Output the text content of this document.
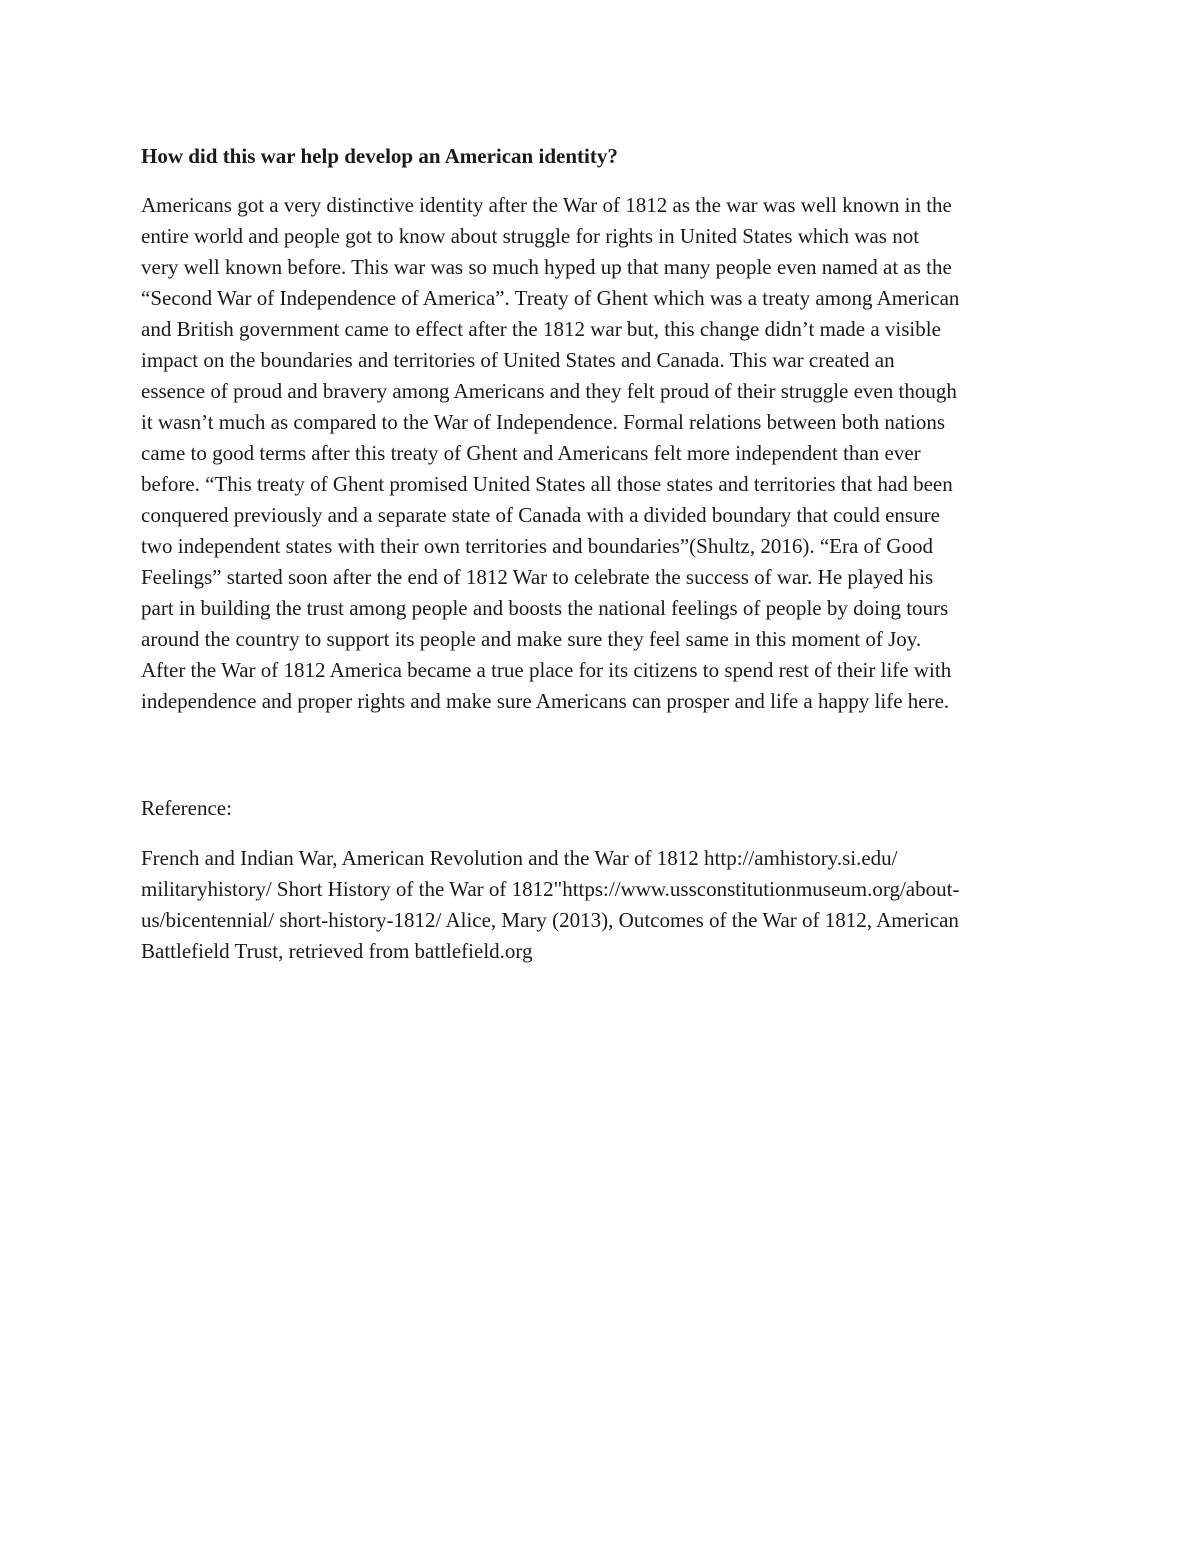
How did this war help develop an American identity?

Americans got a very distinctive identity after the War of 1812 as the war was well known in the

entire world and people got to know about struggle for rights in United States which was not

very well known before. This war was so much hyped up that many people even named at as the

“Second War of Independence of America”. Treaty of Ghent which was a treaty among American

and British government came to effect after the 1812 war but, this change didn’t made a visible

impact on the boundaries and territories of United States and Canada. This war created an

essence of proud and bravery among Americans and they felt proud of their struggle even though

it wasn’t much as compared to the War of Independence. Formal relations between both nations

came to good terms after this treaty of Ghent and Americans felt more independent than ever

before. “This treaty of Ghent promised United States all those states and territories that had been

conquered previously and a separate state of Canada with a divided boundary that could ensure

two independent states with their own territories and boundaries”(Shultz, 2016). “Era of Good

Feelings” started soon after the end of 1812 War to celebrate the success of war. He played his

part in building the trust among people and boosts the national feelings of people by doing tours

around the country to support its people and make sure they feel same in this moment of Joy.

After the War of 1812 America became a true place for its citizens to spend rest of their life with

independence and proper rights and make sure Americans can prosper and life a happy life here.

Reference:

French and Indian War, American Revolution and the War of 1812 http://amhistory.si.edu/

militaryhistory/ Short History of the War of 1812"https://www.ussconstitutionmuseum.org/about-

us/bicentennial/ short-history-1812/ Alice, Mary (2013), Outcomes of the War of 1812, American

Battlefield Trust, retrieved from battlefield.org
